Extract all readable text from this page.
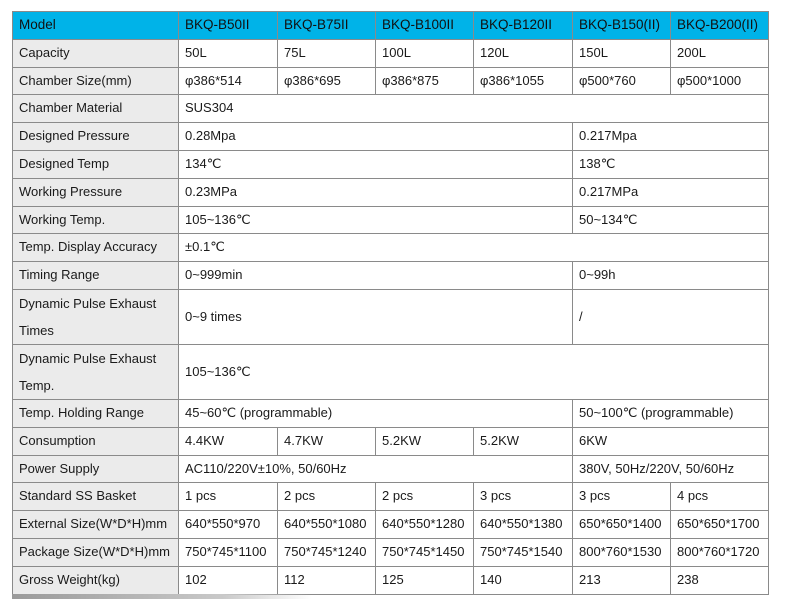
Model	BKQ-B50II	BKQ-B75II	BKQ-B100II	BKQ-B120II	BKQ-B150(II)	BKQ-B200(II)
Capacity	50L	75L	100L	120L	150L	200L
Chamber Size(mm)	φ386*514	φ386*695	φ386*875	φ386*1055	φ500*760	φ500*1000
Chamber Material	SUS304					
Designed Pressure	0.28Mpa				0.217Mpa	
Designed Temp	134℃				138℃	
Working Pressure	0.23MPa				0.217MPa	
Working Temp.	105~136℃				50~134℃	
Temp. Display Accuracy	±0.1℃					
Timing Range	0~999min				0~99h	
Dynamic Pulse Exhaust Times	0~9 times				/	
Dynamic Pulse Exhaust Temp.	105~136℃					
Temp. Holding Range	45~60℃ (programmable)				50~100℃ (programmable)	
Consumption	4.4KW	4.7KW	5.2KW	5.2KW	6KW	
Power Supply	AC110/220V±10%, 50/60Hz				380V, 50Hz/220V, 50/60Hz	
Standard SS Basket	1 pcs	2 pcs	2 pcs	3 pcs	3 pcs	4 pcs
External Size(W*D*H)mm	640*550*970	640*550*1080	640*550*1280	640*550*1380	650*650*1400	650*650*1700
Package Size(W*D*H)mm	750*745*1100	750*745*1240	750*745*1450	750*745*1540	800*760*1530	800*760*1720
Gross Weight(kg)	102	112	125	140	213	238
